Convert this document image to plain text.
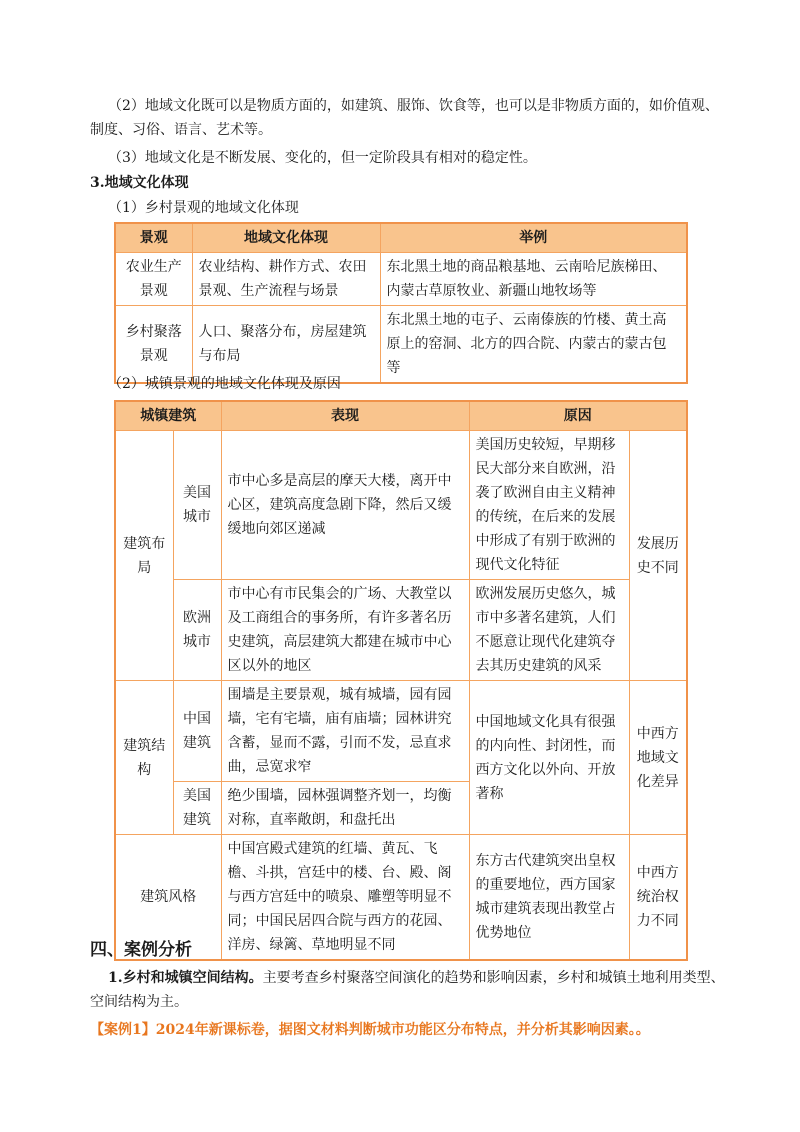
（2）地域文化既可以是物质方面的，如建筑、服饰、饮食等，也可以是非物质方面的，如价值观、制度、习俗、语言、艺术等。
（3）地域文化是不断发展、变化的，但一定阶段具有相对的稳定性。
3.地域文化体现
（1）乡村景观的地域文化体现
景观	地域文化体现	举例
农业生产景观	农业结构、耕作方式、农田景观、生产流程与场景	东北黑土地的商品粮基地、云南哈尼族梯田、内蒙古草原牧业、新疆山地牧场等
乡村聚落景观	人口、聚落分布，房屋建筑与布局	东北黑土地的屯子、云南傣族的竹楼、黄土高原上的窑洞、北方的四合院、内蒙古的蒙古包等
（2）城镇景观的地域文化体现及原因
城镇建筑		表现	原因	
建筑布局	美国城市	市中心多是高层的摩天大楼，离开中心区，建筑高度急剧下降，然后又缓缓地向郊区递减	美国历史较短，早期移民大部分来自欧洲，沿袭了欧洲自由主义精神的传统，在后来的发展中形成了有别于欧洲的现代文化特征	发展历史不同
	欧洲城市	市中心有市民集会的广场、大教堂以及工商组合的事务所，有许多著名历史建筑，高层建筑大都建在城市中心区以外的地区	欧洲发展历史悠久，城市中多著名建筑，人们不愿意让现代化建筑夺去其历史建筑的风采	
建筑结构	中国建筑	围墙是主要景观，城有城墙，园有园墙，宅有宅墙，庙有庙墙；园林讲究含蓄，显而不露，引而不发，忌直求曲，忌宽求窄	中国地域文化具有很强的内向性、封闭性，而西方文化以外向、开放著称	中西方地域文化差异
	美国建筑	绝少围墙，园林强调整齐划一，均衡对称，直率敞朗，和盘托出		
建筑风格		中国宫殿式建筑的红墙、黄瓦、飞檐、斗拱，宫廷中的楼、台、殿、阁与西方宫廷中的喷泉、雕塑等明显不同；中国民居四合院与西方的花园、洋房、绿篱、草地明显不同	东方古代建筑突出皇权的重要地位，西方国家城市建筑表现出教堂占优势地位	中西方统治权力不同
四、案例分析
1.乡村和城镇空间结构。主要考查乡村聚落空间演化的趋势和影响因素，乡村和城镇土地利用类型、空间结构为主。
【案例1】2024年新课标卷，据图文材料判断城市功能区分布特点，并分析其影响因素。。
